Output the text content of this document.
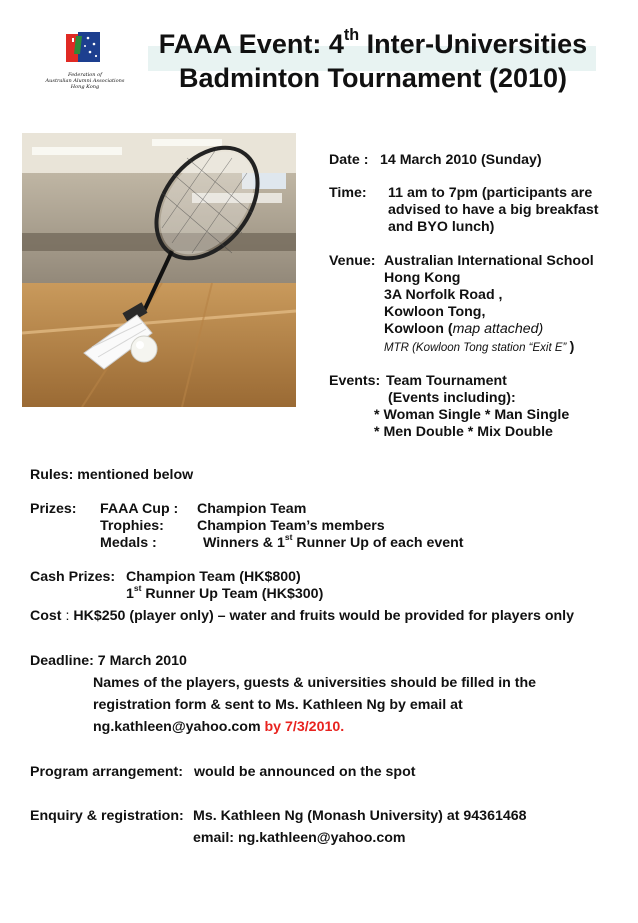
Federation of
Australian Alumni Associations
Hong Kong
FAAA Event: 4th Inter-Universities
Badminton Tournament (2010)
Date : 14 March 2010 (Sunday)
Time: 11 am to 7pm (participants are
advised to have a big breakfast
and BYO lunch)
Venue: Australian International School
Hong Kong
3A Norfolk Road ,
Kowloon Tong,
Kowloon (map attached)
MTR (Kowloon Tong station “Exit E” )
Events: Team Tournament
(Events including):
* Woman Single * Man Single
* Men Double * Mix Double
Rules: mentioned below
Prizes: FAAA Cup : Champion Team
Trophies: Champion Team’s members
Medals :	Winners & 1st Runner Up of each event
Cash Prizes: Champion Team (HK$800)
1st Runner Up Team (HK$300)
Cost : HK$250 (player only) – water and fruits would be provided for players only
Deadline: 7 March 2010
Names of the players, guests & universities should be filled in the
registration form & sent to Ms. Kathleen Ng by email at
ng.kathleen@yahoo.com by 7/3/2010.
Program arrangement: would be announced on the spot
Enquiry & registration: Ms. Kathleen Ng (Monash University) at 94361468
email: ng.kathleen@yahoo.com
